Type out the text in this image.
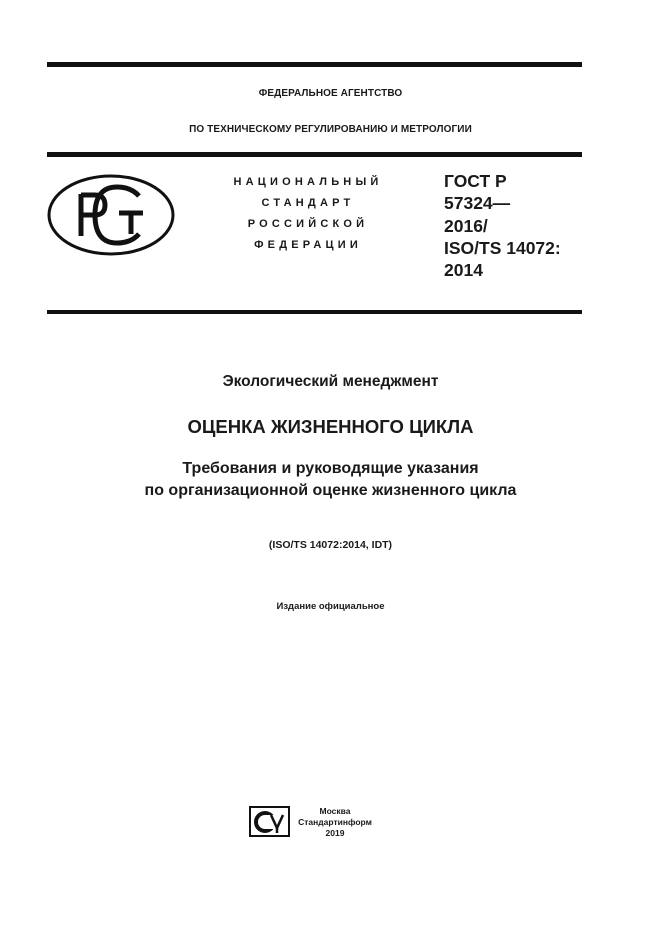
ФЕДЕРАЛЬНОЕ АГЕНТСТВО
ПО ТЕХНИЧЕСКОМУ РЕГУЛИРОВАНИЮ И МЕТРОЛОГИИ
НАЦИОНАЛЬНЫЙ
СТАНДАРТ
РОССИЙСКОЙ
ФЕДЕРАЦИИ
ГОСТ Р
57324—
2016/
ISO/TS 14072:
2014
Экологический менеджмент
ОЦЕНКА ЖИЗНЕННОГО ЦИКЛА
Требования и руководящие указания
по организационной оценке жизненного цикла
(ISO/TS 14072:2014, IDT)
Издание официальное
Москва
Стандартинформ
2019
